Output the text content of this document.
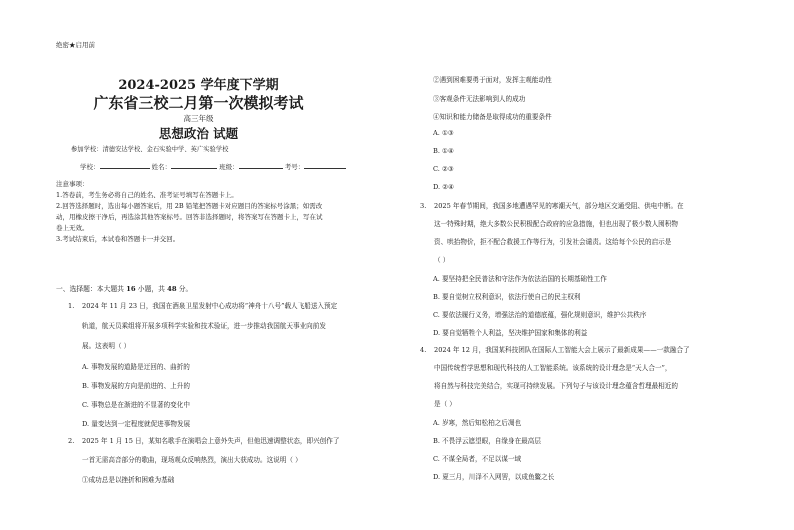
绝密★启用前
2024-2025 学年度下学期
广东省三校二月第一次模拟考试
高三年级
思想政治 试题
参加学校：清德安达学校、金石实验中学、英广实验学校
学校：	姓名：	班级：	考号：
注意事项：
1.答卷前，考生务必将自己的姓名、准考证号填写在答题卡上。
2.回答选择题时，选出每小题答案后，用 2B 铅笔把答题卡对应题目的答案标号涂黑；如需改
动，用橡皮擦干净后，再选涂其他答案标号。回答非选择题时，将答案写在答题卡上，写在试
卷上无效。
3.考试结束后，本试卷和答题卡一并交回。
一、选择题：本大题共 16 小题，共 48 分。
1. 2024 年 11 月 23 日，我国在酒泉卫星发射中心成功将“神舟十八号”载人飞船送入预定
轨道，航天员乘组将开展多项科学实验和技术验证，进一步推动我国航天事业向前发
展。这表明（ ）
A. 事物发展的道路是迂回的、曲折的
B. 事物发展的方向是前进的、上升的
C. 事物总是在渐进的不显著的变化中
D. 量变达到一定程度就促进事物发展
2. 2025 年 1 月 15 日，某知名歌手在演唱会上意外失声，但他迅速调整状态，即兴创作了
一首无需高音部分的歌曲，现场观众反响热烈，演出大获成功。这说明（ ）
①成功总是以挫折和困难为基础
②遇到困难要勇于面对，发挥主观能动性
③客观条件无法影响到人的成功
④知识和能力储备是取得成功的重要条件
A. ①③
B. ①④
C. ②③
D. ②④
3. 2025 年春节期间，我国多地遭遇罕见的寒潮天气，部分地区交通受阻、供电中断。在
这一特殊时期，绝大多数公民积极配合政府的应急措施，但也出现了极少数人囤积物
资、哄抬物价，拒不配合救援工作等行为，引发社会谴责。这给每个公民的启示是
（ ）
A. 要坚持把全民普法和守法作为依法治国的长期基础性工作
B. 要自觉树立权利意识，依法行使自己的民主权利
C. 要依法履行义务，增强法治的道德底蕴，强化规则意识，维护公共秩序
D. 要自觉牺牲个人利益，坚决维护国家和集体的利益
4. 2024 年 12 月，我国某科技团队在国际人工智能大会上展示了最新成果——一款融合了
中国传统哲学思想和现代科技的人工智能系统。该系统的设计理念是“天人合一”，
将自然与科技完美结合，实现可持续发展。下列句子与该设计理念蕴含哲理最相近的
是（ ）
A. 岁寒，然后知松柏之后凋也
B. 不畏浮云遮望眼，自缘身在最高层
C. 不谋全局者，不足以谋一域
D. 夏三月，川泽不入网罟，以成鱼鳖之长
